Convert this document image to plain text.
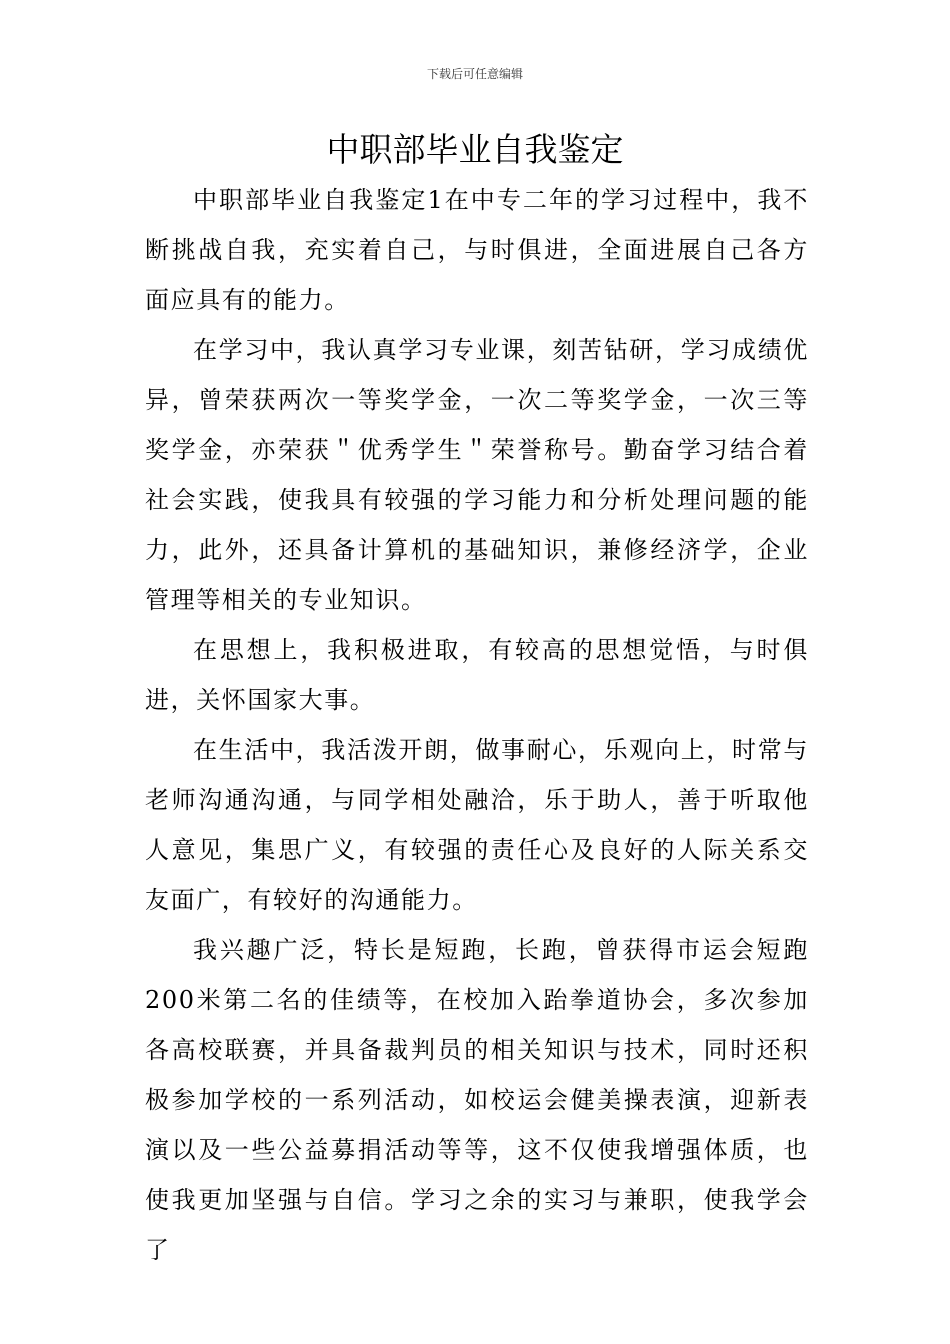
下载后可任意编辑
中职部毕业自我鉴定

中职部毕业自我鉴定1在中专二年的学习过程中，我不断挑战自我，充实着自己，与时俱进，全面进展自己各方面应具有的能力。

在学习中，我认真学习专业课，刻苦钻研，学习成绩优异，曾荣获两次一等奖学金，一次二等奖学金，一次三等奖学金，亦荣获＂优秀学生＂荣誉称号。勤奋学习结合着社会实践，使我具有较强的学习能力和分析处理问题的能力，此外，还具备计算机的基础知识，兼修经济学，企业管理等相关的专业知识。

在思想上，我积极进取，有较高的思想觉悟，与时俱进，关怀国家大事。

在生活中，我活泼开朗，做事耐心，乐观向上，时常与老师沟通沟通，与同学相处融洽，乐于助人，善于听取他人意见，集思广义，有较强的责任心及良好的人际关系交友面广，有较好的沟通能力。

我兴趣广泛，特长是短跑，长跑，曾获得市运会短跑200米第二名的佳绩等，在校加入跆拳道协会，多次参加各高校联赛，并具备裁判员的相关知识与技术，同时还积极参加学校的一系列活动，如校运会健美操表演，迎新表演以及一些公益募捐活动等等，这不仅使我增强体质，也使我更加坚强与自信。学习之余的实习与兼职，使我学会了
